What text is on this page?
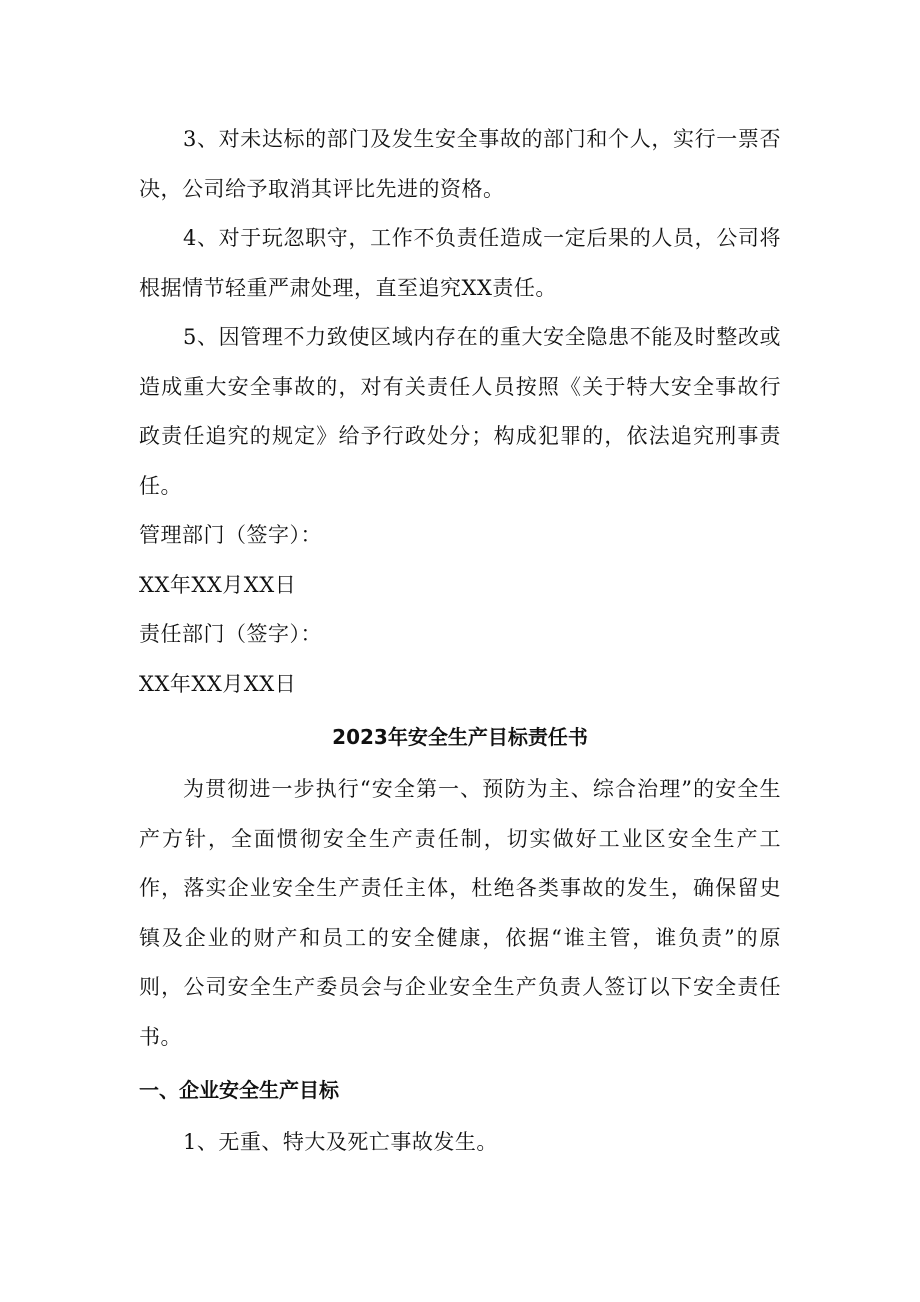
3、对未达标的部门及发生安全事故的部门和个人，实行一票否决，公司给予取消其评比先进的资格。

4、对于玩忽职守，工作不负责任造成一定后果的人员，公司将根据情节轻重严肃处理，直至追究XX责任。

5、因管理不力致使区域内存在的重大安全隐患不能及时整改或造成重大安全事故的，对有关责任人员按照《关于特大安全事故行政责任追究的规定》给予行政处分；构成犯罪的，依法追究刑事责任。

管理部门（签字）：

XX年XX月XX日

责任部门（签字）：

XX年XX月XX日

2023年安全生产目标责任书

为贯彻进一步执行“安全第一、预防为主、综合治理”的安全生产方针，全面惯彻安全生产责任制，切实做好工业区安全生产工作，落实企业安全生产责任主体，杜绝各类事故的发生，确保留史镇及企业的财产和员工的安全健康，依据“谁主管，谁负责”的原则，公司安全生产委员会与企业安全生产负责人签订以下安全责任书。

一、企业安全生产目标

1、无重、特大及死亡事故发生。
